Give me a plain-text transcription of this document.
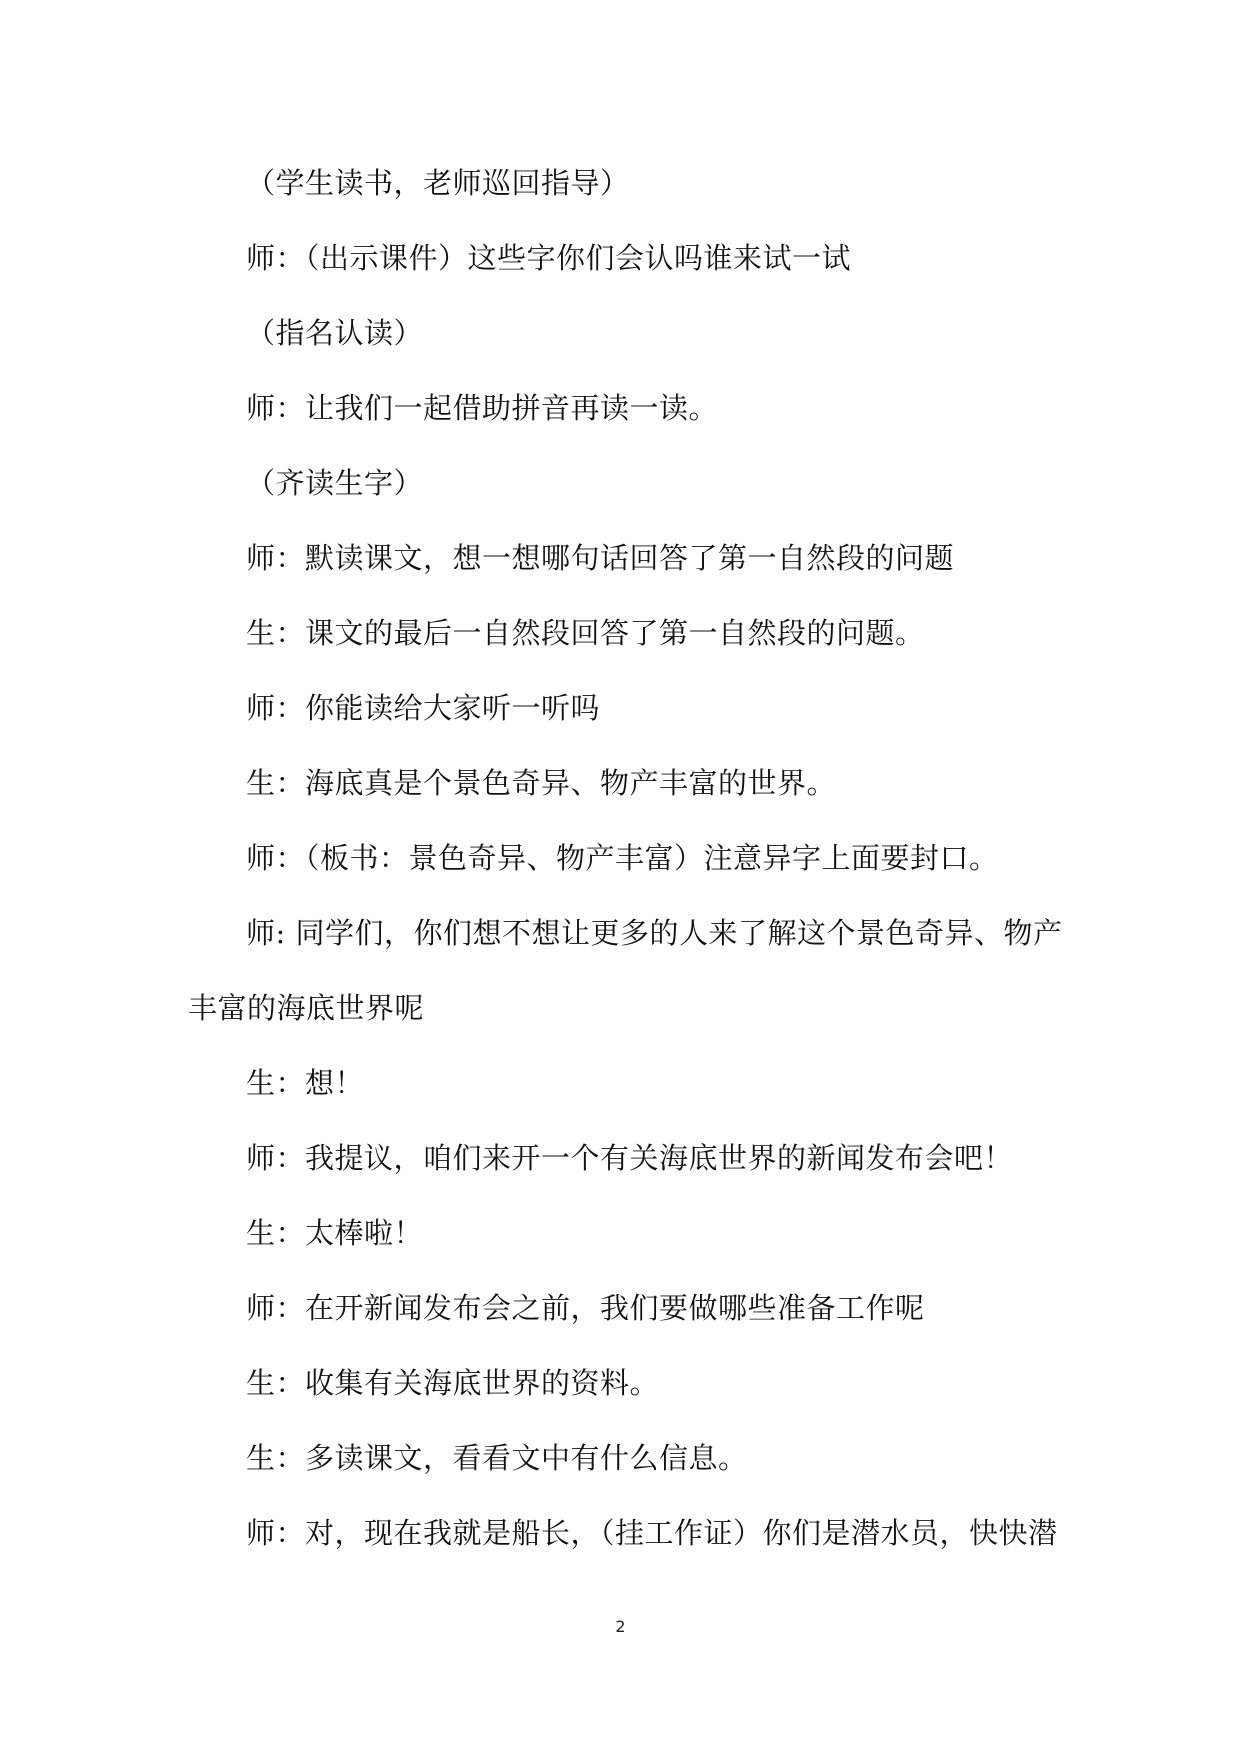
（学生读书，老师巡回指导）

师：（出示课件）这些字你们会认吗谁来试一试

（指名认读）

师：让我们一起借助拼音再读一读。

（齐读生字）

师：默读课文，想一想哪句话回答了第一自然段的问题

生：课文的最后一自然段回答了第一自然段的问题。

师：你能读给大家听一听吗

生：海底真是个景色奇异、物产丰富的世界。

师：（板书：景色奇异、物产丰富）注意异字上面要封口。

师: 同学们，你们想不想让更多的人来了解这个景色奇异、物产丰富的海底世界呢

生：想！

师：我提议，咱们来开一个有关海底世界的新闻发布会吧！

生：太棒啦！

师：在开新闻发布会之前，我们要做哪些准备工作呢

生：收集有关海底世界的资料。

生：多读课文，看看文中有什么信息。

师：对，现在我就是船长，（挂工作证）你们是潜水员，快快潜

2
